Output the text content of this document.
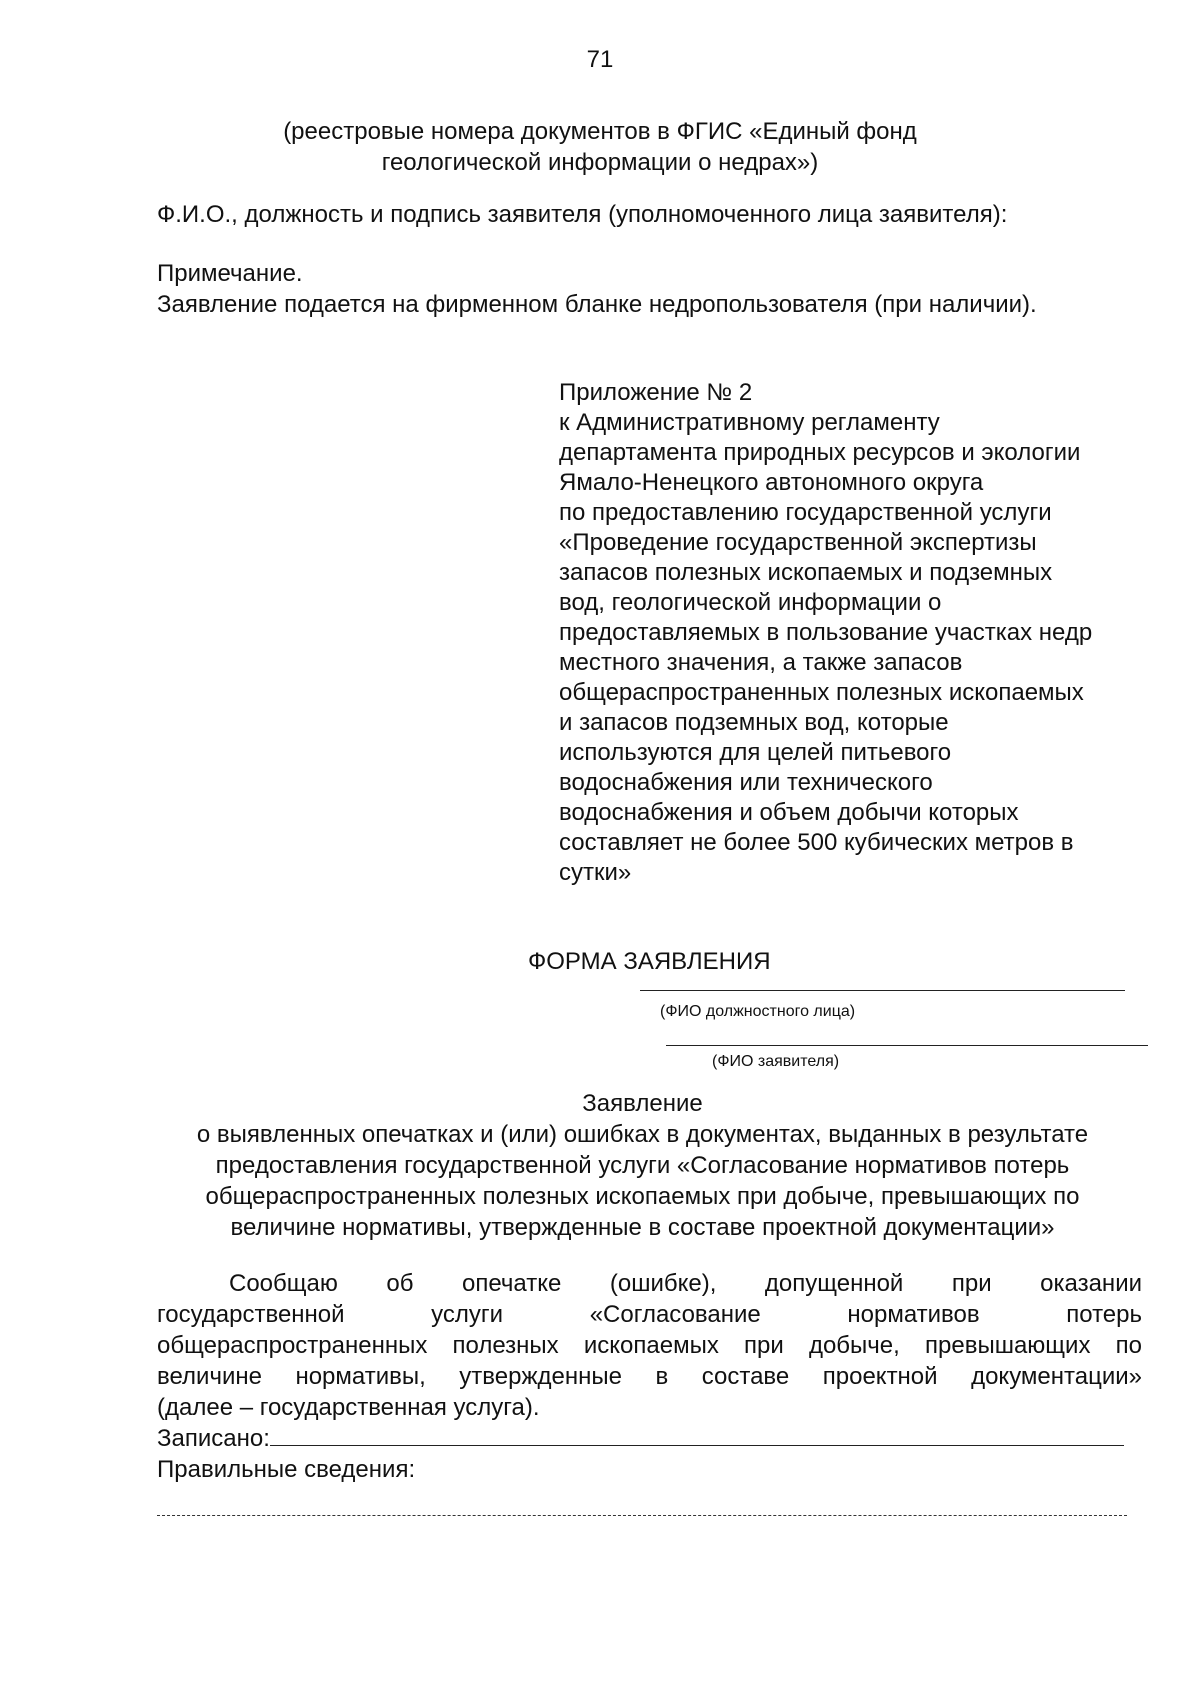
71
(реестровые номера документов в ФГИС «Единый фонд
геологической информации о недрах»)
Ф.И.О., должность и подпись заявителя (уполномоченного лица заявителя):
Примечание.
Заявление подается на фирменном бланке недропользователя (при наличии).
Приложение № 2
к Административному регламенту
департамента природных ресурсов и экологии
Ямало-Ненецкого автономного округа
по предоставлению государственной услуги
«Проведение государственной экспертизы
запасов полезных ископаемых и подземных
вод, геологической информации о
предоставляемых в пользование участках недр
местного значения, а также запасов
общераспространенных полезных ископаемых
и запасов подземных вод, которые
используются для целей питьевого
водоснабжения или технического
водоснабжения и объем добычи которых
составляет не более 500 кубических метров в
сутки»
ФОРМА ЗАЯВЛЕНИЯ
(ФИО должностного лица)
(ФИО заявителя)
Заявление
о выявленных опечатках и (или) ошибках в документах, выданных в результате
предоставления государственной услуги «Согласование нормативов потерь
общераспространенных полезных ископаемых при добыче, превышающих по
величине нормативы, утвержденные в составе проектной документации»
Сообщаю об опечатке (ошибке), допущенной при оказании
государственной услуги «Согласование нормативов потерь
общераспространенных полезных ископаемых при добыче, превышающих по
величине нормативы, утвержденные в составе проектной документации»
(далее – государственная услуга).
Записано:
Правильные сведения:
